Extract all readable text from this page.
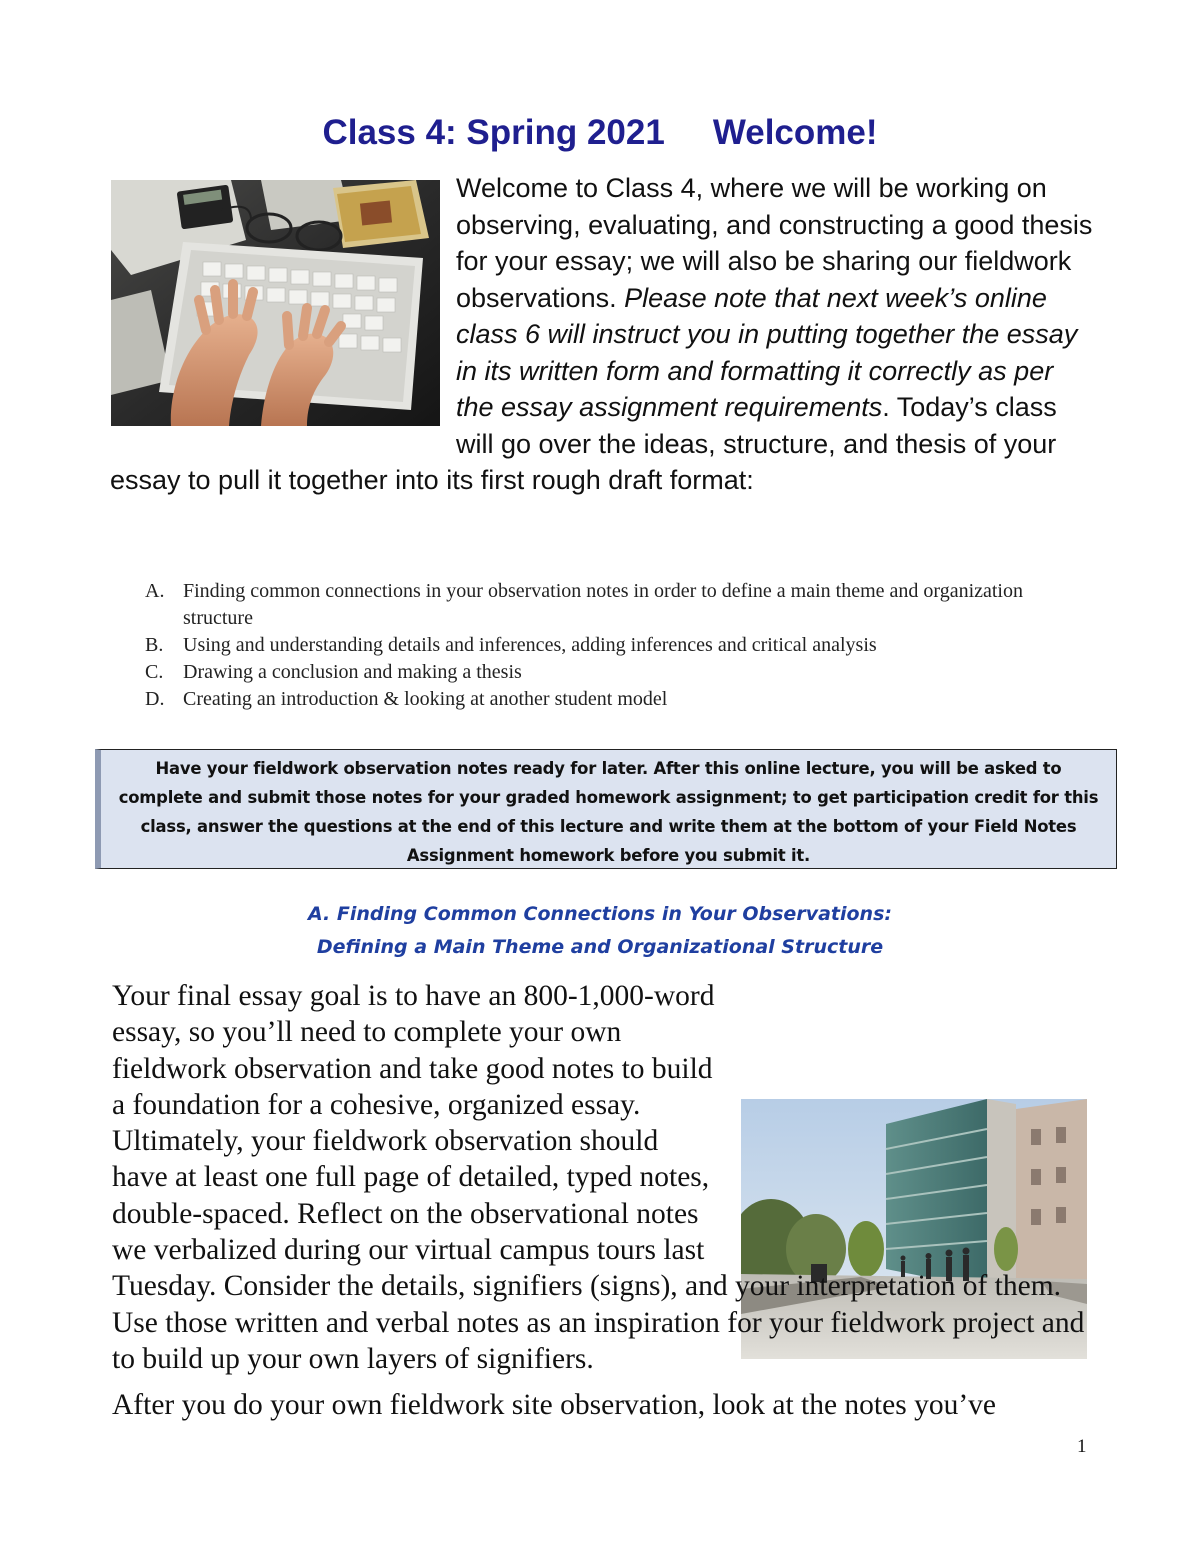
Class 4: Spring 2021 Welcome!

Welcome to Class 4, where we will be working on observing, evaluating, and constructing a good thesis for your essay; we will also be sharing our fieldwork observations. Please note that next week’s online class 6 will instruct you in putting together the essay in its written form and formatting it correctly as per the essay assignment requirements. Today’s class will go over the ideas, structure, and thesis of your essay to pull it together into its first rough draft format:

A. Finding common connections in your observation notes in order to define a main theme and organization structure
B. Using and understanding details and inferences, adding inferences and critical analysis
C. Drawing a conclusion and making a thesis
D. Creating an introduction & looking at another student model
Have your fieldwork observation notes ready for later. After this online lecture, you will be asked to complete and submit those notes for your graded homework assignment; to get participation credit for this class, answer the questions at the end of this lecture and write them at the bottom of your Field Notes Assignment homework before you submit it.
A. Finding Common Connections in Your Observations:
Defining a Main Theme and Organizational Structure

Your final essay goal is to have an 800-1,000-word essay, so you’ll need to complete your own fieldwork observation and take good notes to build a foundation for a cohesive, organized essay. Ultimately, your fieldwork observation should have at least one full page of detailed, typed notes, double-spaced. Reflect on the observational notes we verbalized during our virtual campus tours last Tuesday. Consider the details, signifiers (signs), and your interpretation of them. Use those written and verbal notes as an inspiration for your fieldwork project and to build up your own layers of signifiers.

After you do your own fieldwork site observation, look at the notes you’ve

1
